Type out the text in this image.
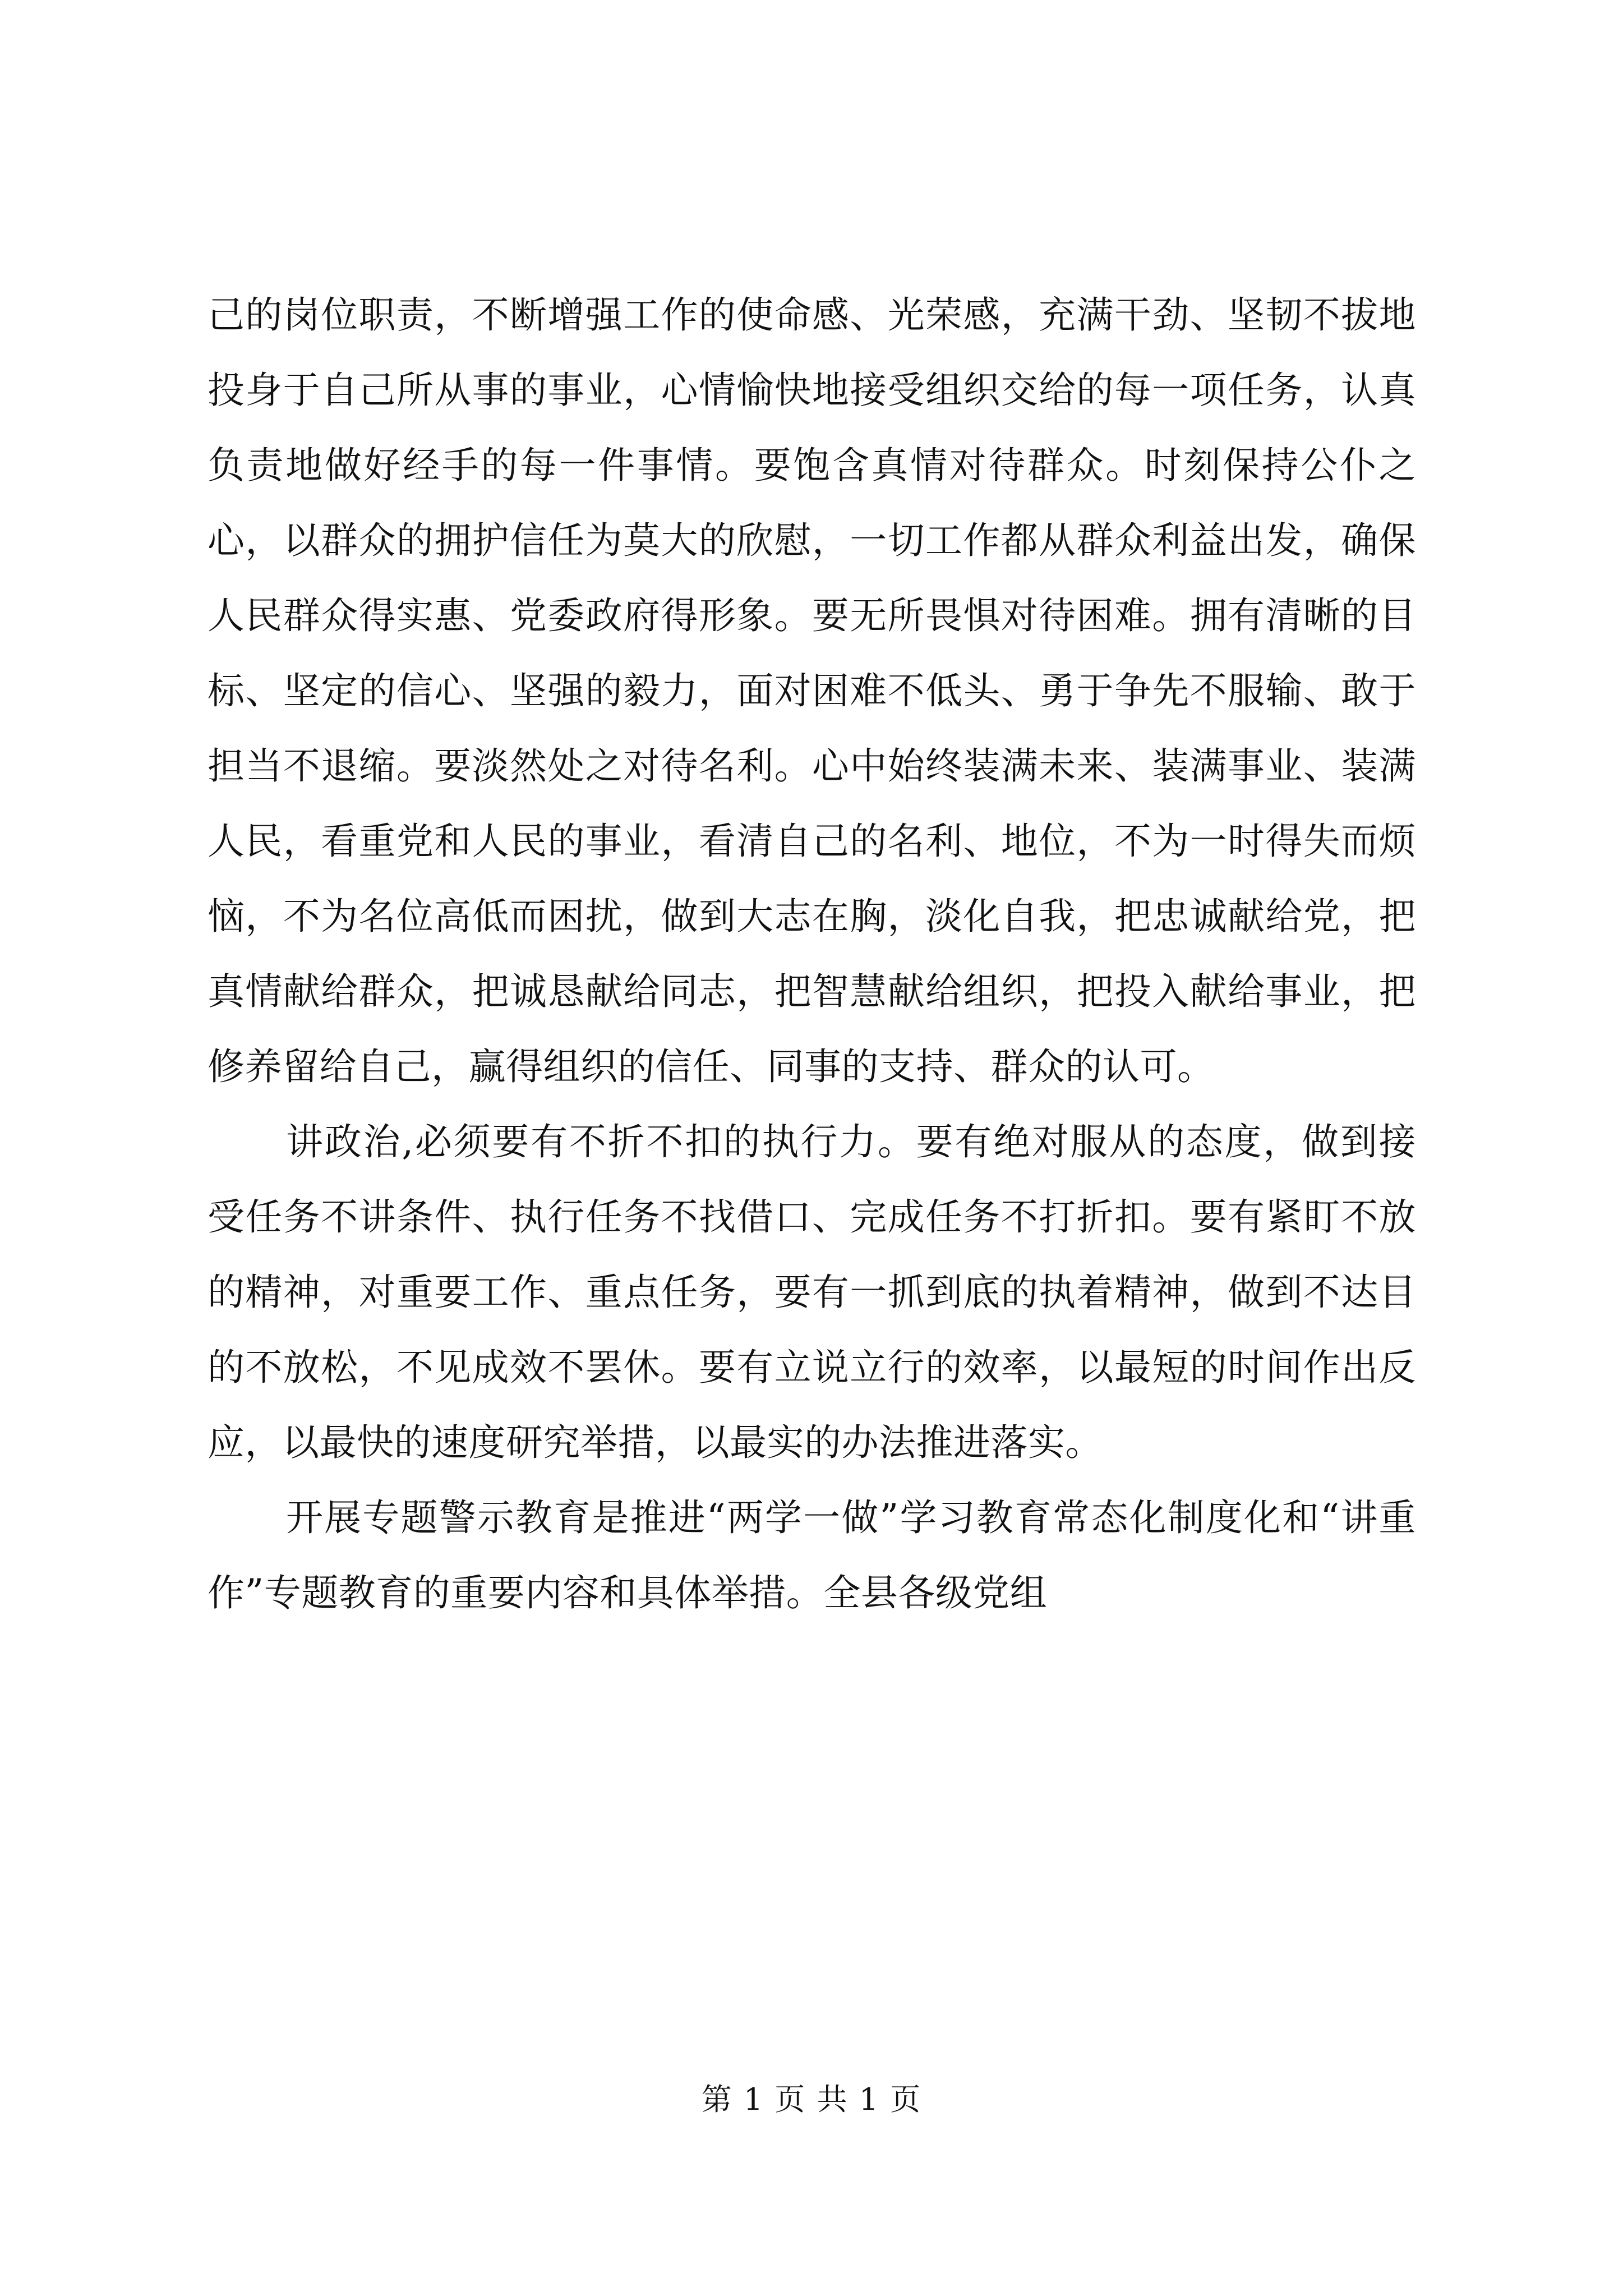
己的岗位职责，不断增强工作的使命感、光荣感，充满干劲、坚韧不拔地投身于自己所从事的事业，心情愉快地接受组织交给的每一项任务，认真负责地做好经手的每一件事情。要饱含真情对待群众。时刻保持公仆之心，以群众的拥护信任为莫大的欣慰，一切工作都从群众利益出发，确保人民群众得实惠、党委政府得形象。要无所畏惧对待困难。拥有清晰的目标、坚定的信心、坚强的毅力，面对困难不低头、勇于争先不服输、敢于担当不退缩。要淡然处之对待名利。心中始终装满未来、装满事业、装满人民，看重党和人民的事业，看清自己的名利、地位，不为一时得失而烦恼，不为名位高低而困扰，做到大志在胸，淡化自我，把忠诚献给党，把真情献给群众，把诚恳献给同志，把智慧献给组织，把投入献给事业，把修养留给自己，赢得组织的信任、同事的支持、群众的认可。

讲政治,必须要有不折不扣的执行力。要有绝对服从的态度，做到接受任务不讲条件、执行任务不找借口、完成任务不打折扣。要有紧盯不放的精神，对重要工作、重点任务，要有一抓到底的执着精神，做到不达目的不放松，不见成效不罢休。要有立说立行的效率，以最短的时间作出反应，以最快的速度研究举措，以最实的办法推进落实。

开展专题警示教育是推进“两学一做”学习教育常态化制度化和“讲重作”专题教育的重要内容和具体举措。全县各级党组

第 1 页 共 1 页
